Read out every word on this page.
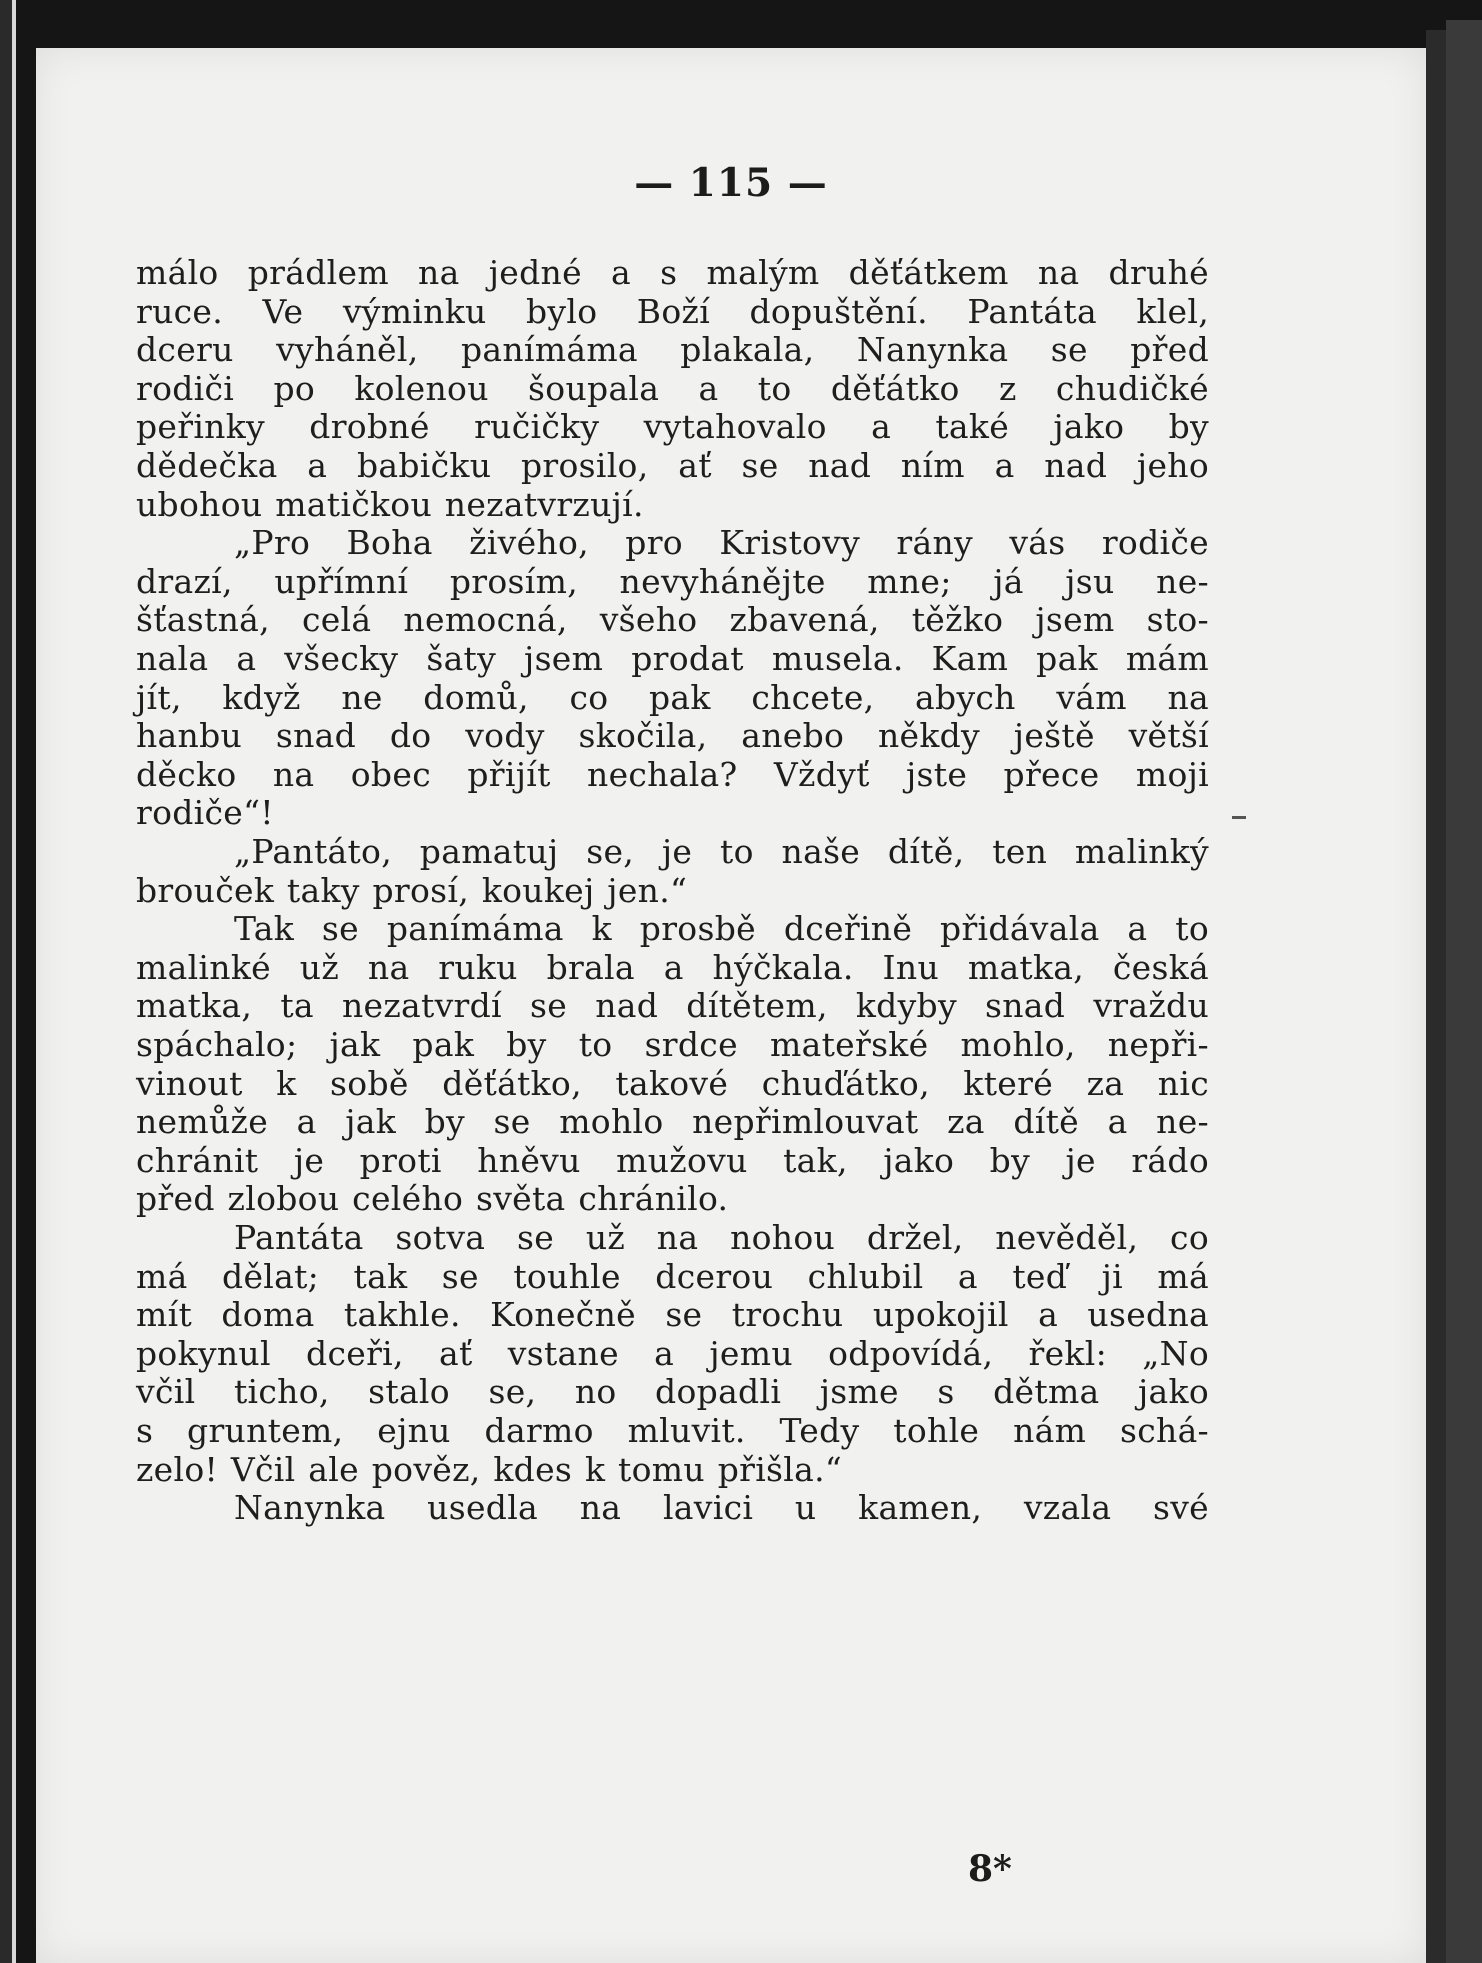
— 115 —
málo prádlem na jedné a s malým děťátkem na druhé
ruce. Ve výminku bylo Boží dopuštění. Pantáta klel,
dceru vyháněl, panímáma plakala, Nanynka se před
rodiči po kolenou šoupala a to děťátko z chudičké
peřinky drobné ručičky vytahovalo a také jako by
dědečka a babičku prosilo, ať se nad ním a nad jeho
ubohou matičkou nezatvrzují.
„Pro Boha živého, pro Kristovy rány vás rodiče
drazí, upřímní prosím, nevyháněјte mne; já jsu ne-
šťastná, celá nemocná, všeho zbavená, těžko jsem sto-
nala a všecky šaty jsem prodat musela. Kam pak mám
jít, když ne domů, co pak chcete, abych vám na
hanbu snad do vody skočila, anebo někdy ještě větší
děcko na obec přijít nechala? Vždyť jste přece moji
rodiče“!
„Pantáto, pamatuj se, je to naše dítě, ten malinký
brouček taky prosí, koukej jen.“
Tak se panímáma k prosbě dceřině přidávala a to
malinké už na ruku brala a hýčkala. Inu matka, česká
matka, ta nezatvrdí se nad dítětem, kdyby snad vraždu
spáchalo; jak pak by to srdce mateřské mohlo, nepři-
vinout k sobě děťátko, takové chuďátko, které za nic
nemůže a jak by se mohlo nepřimlouvat za dítě a ne-
chránit je proti hněvu mužovu tak, jako by je rádo
před zlobou celého světa chránilo.
Pantáta sotva se už na nohou držel, nevěděl, co
má dělat; tak se touhle dcerou chlubil a teď ji má
mít doma takhle. Konečně se trochu upokojil a usedna
pokynul dceři, ať vstane a jemu odpovídá, řekl: „No
včil ticho, stalo se, no dopadli jsme s dětma jako
s gruntem, ejnu darmo mluvit. Tedy tohle nám schá-
zelo! Včil ale pověz, kdes k tomu přišla.“
Nanynka usedla na lavici u kamen, vzala své
8*
